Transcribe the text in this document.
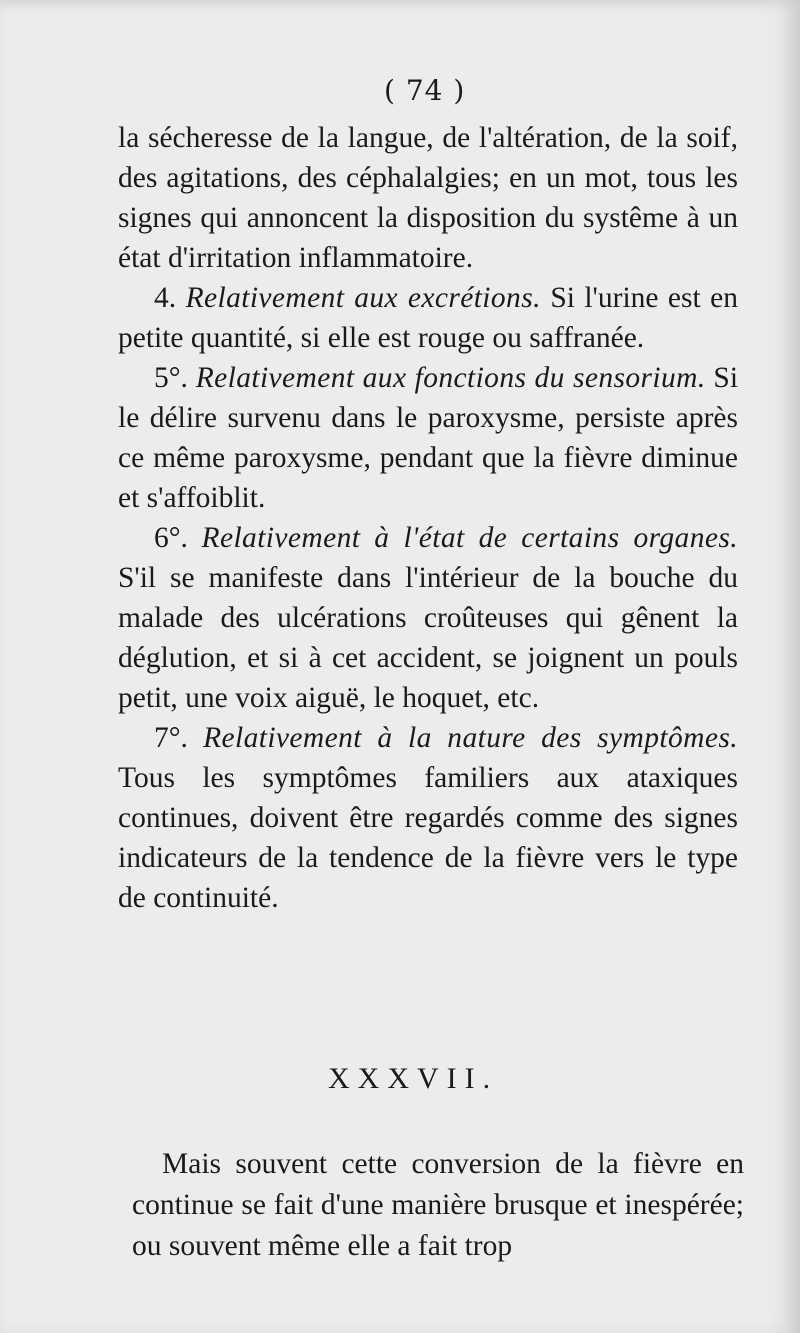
( 74 )

la sécheresse de la langue, de l'altération, de la soif, des agitations, des céphalalgies; en un mot, tous les signes qui annoncent la disposition du systême à un état d'irritation inflammatoire.

4. Relativement aux excrétions. Si l'urine est en petite quantité, si elle est rouge ou saffranée.

5°. Relativement aux fonctions du sensorium. Si le délire survenu dans le paroxysme, persiste après ce même paroxysme, pendant que la fièvre diminue et s'affoiblit.

6°. Relativement à l'état de certains organes. S'il se manifeste dans l'intérieur de la bouche du malade des ulcérations croûteuses qui gênent la déglution, et si à cet accident, se joignent un pouls petit, une voix aiguë, le hoquet, etc.

7°. Relativement à la nature des symptômes. Tous les symptômes familiers aux ataxiques continues, doivent être regardés comme des signes indicateurs de la tendence de la fièvre vers le type de continuité.

XXXVII.

Mais souvent cette conversion de la fièvre en continue se fait d'une manière brusque et inespérée; ou souvent même elle a fait trop
